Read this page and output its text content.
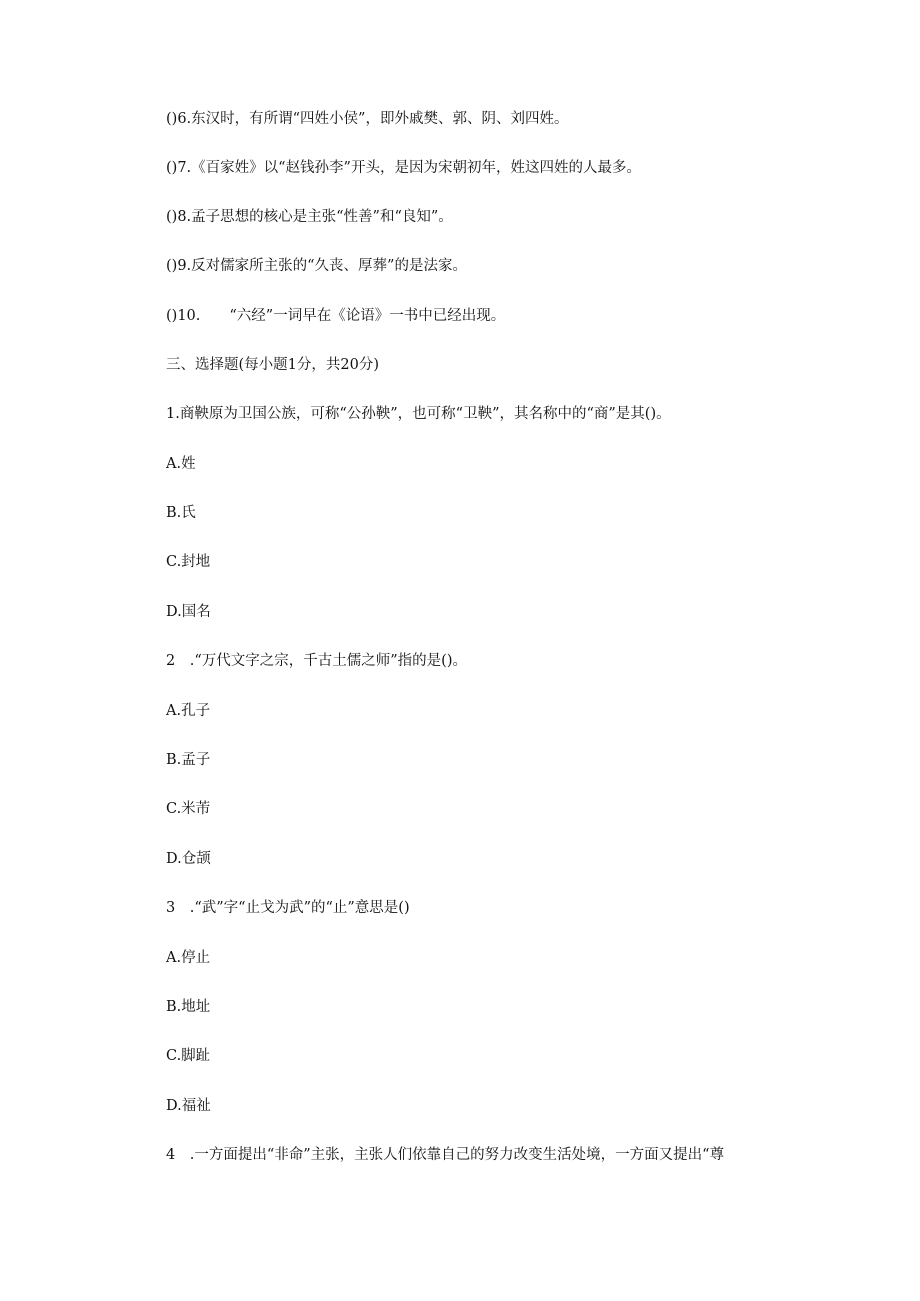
()6.东汉时，有所谓“四姓小侯”，即外戚樊、郭、阴、刘四姓。
()7.《百家姓》以“赵钱孙李”开头，是因为宋朝初年，姓这四姓的人最多。
()8.孟子思想的核心是主张“性善”和“良知”。
()9.反对儒家所主张的“久丧、厚葬”的是法家。
()10.　　“六经”一词早在《论语》一书中已经出现。
三、选择题(每小题1分，共20分)
1.商鞅原为卫国公族，可称“公孙鞅”，也可称“卫鞅”，其名称中的“商”是其()。
A.姓
B.氏
C.封地
D.国名
2　.“万代文字之宗，千古土儒之师”指的是()。
A.孔子
B.孟子
C.米芾
D.仓颉
3　.“武”字“止戈为武”的“止”意思是()
A.停止
B.地址
C.脚趾
D.福祉
4　.一方面提出“非命”主张，主张人们依靠自己的努力改变生活处境，一方面又提出“尊
